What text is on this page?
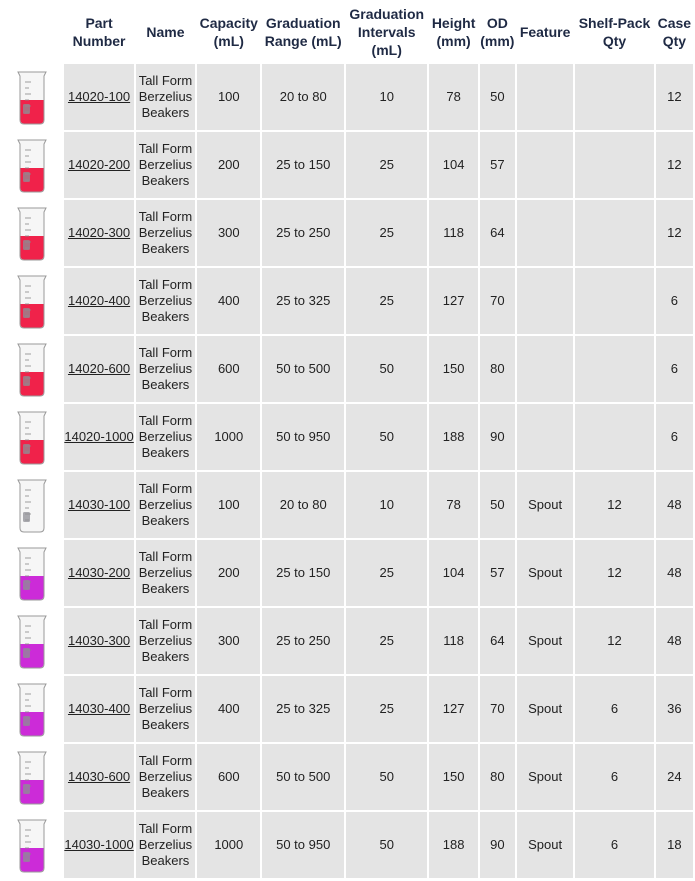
	Part Number	Name	Capacity (mL)	Graduation Range (mL)	Graduation Intervals (mL)	Height (mm)	OD (mm)	Feature	Shelf-Pack Qty	Case Qty

	14020-100	Tall Form
Berzelius
Beakers	100	20 to 80	10	78	50			12

	14020-200	Tall Form
Berzelius
Beakers	200	25 to 150	25	104	57			12

	14020-300	Tall Form
Berzelius
Beakers	300	25 to 250	25	118	64			12

	14020-400	Tall Form
Berzelius
Beakers	400	25 to 325	25	127	70			6

	14020-600	Tall Form
Berzelius
Beakers	600	50 to 500	50	150	80			6

	14020-1000	Tall Form
Berzelius
Beakers	1000	50 to 950	50	188	90			6

	14030-100	Tall Form
Berzelius
Beakers	100	20 to 80	10	78	50	Spout	12	48

	14030-200	Tall Form
Berzelius
Beakers	200	25 to 150	25	104	57	Spout	12	48

	14030-300	Tall Form
Berzelius
Beakers	300	25 to 250	25	118	64	Spout	12	48

	14030-400	Tall Form
Berzelius
Beakers	400	25 to 325	25	127	70	Spout	6	36

	14030-600	Tall Form
Berzelius
Beakers	600	50 to 500	50	150	80	Spout	6	24

	14030-1000	Tall Form
Berzelius
Beakers	1000	50 to 950	50	188	90	Spout	6	18
